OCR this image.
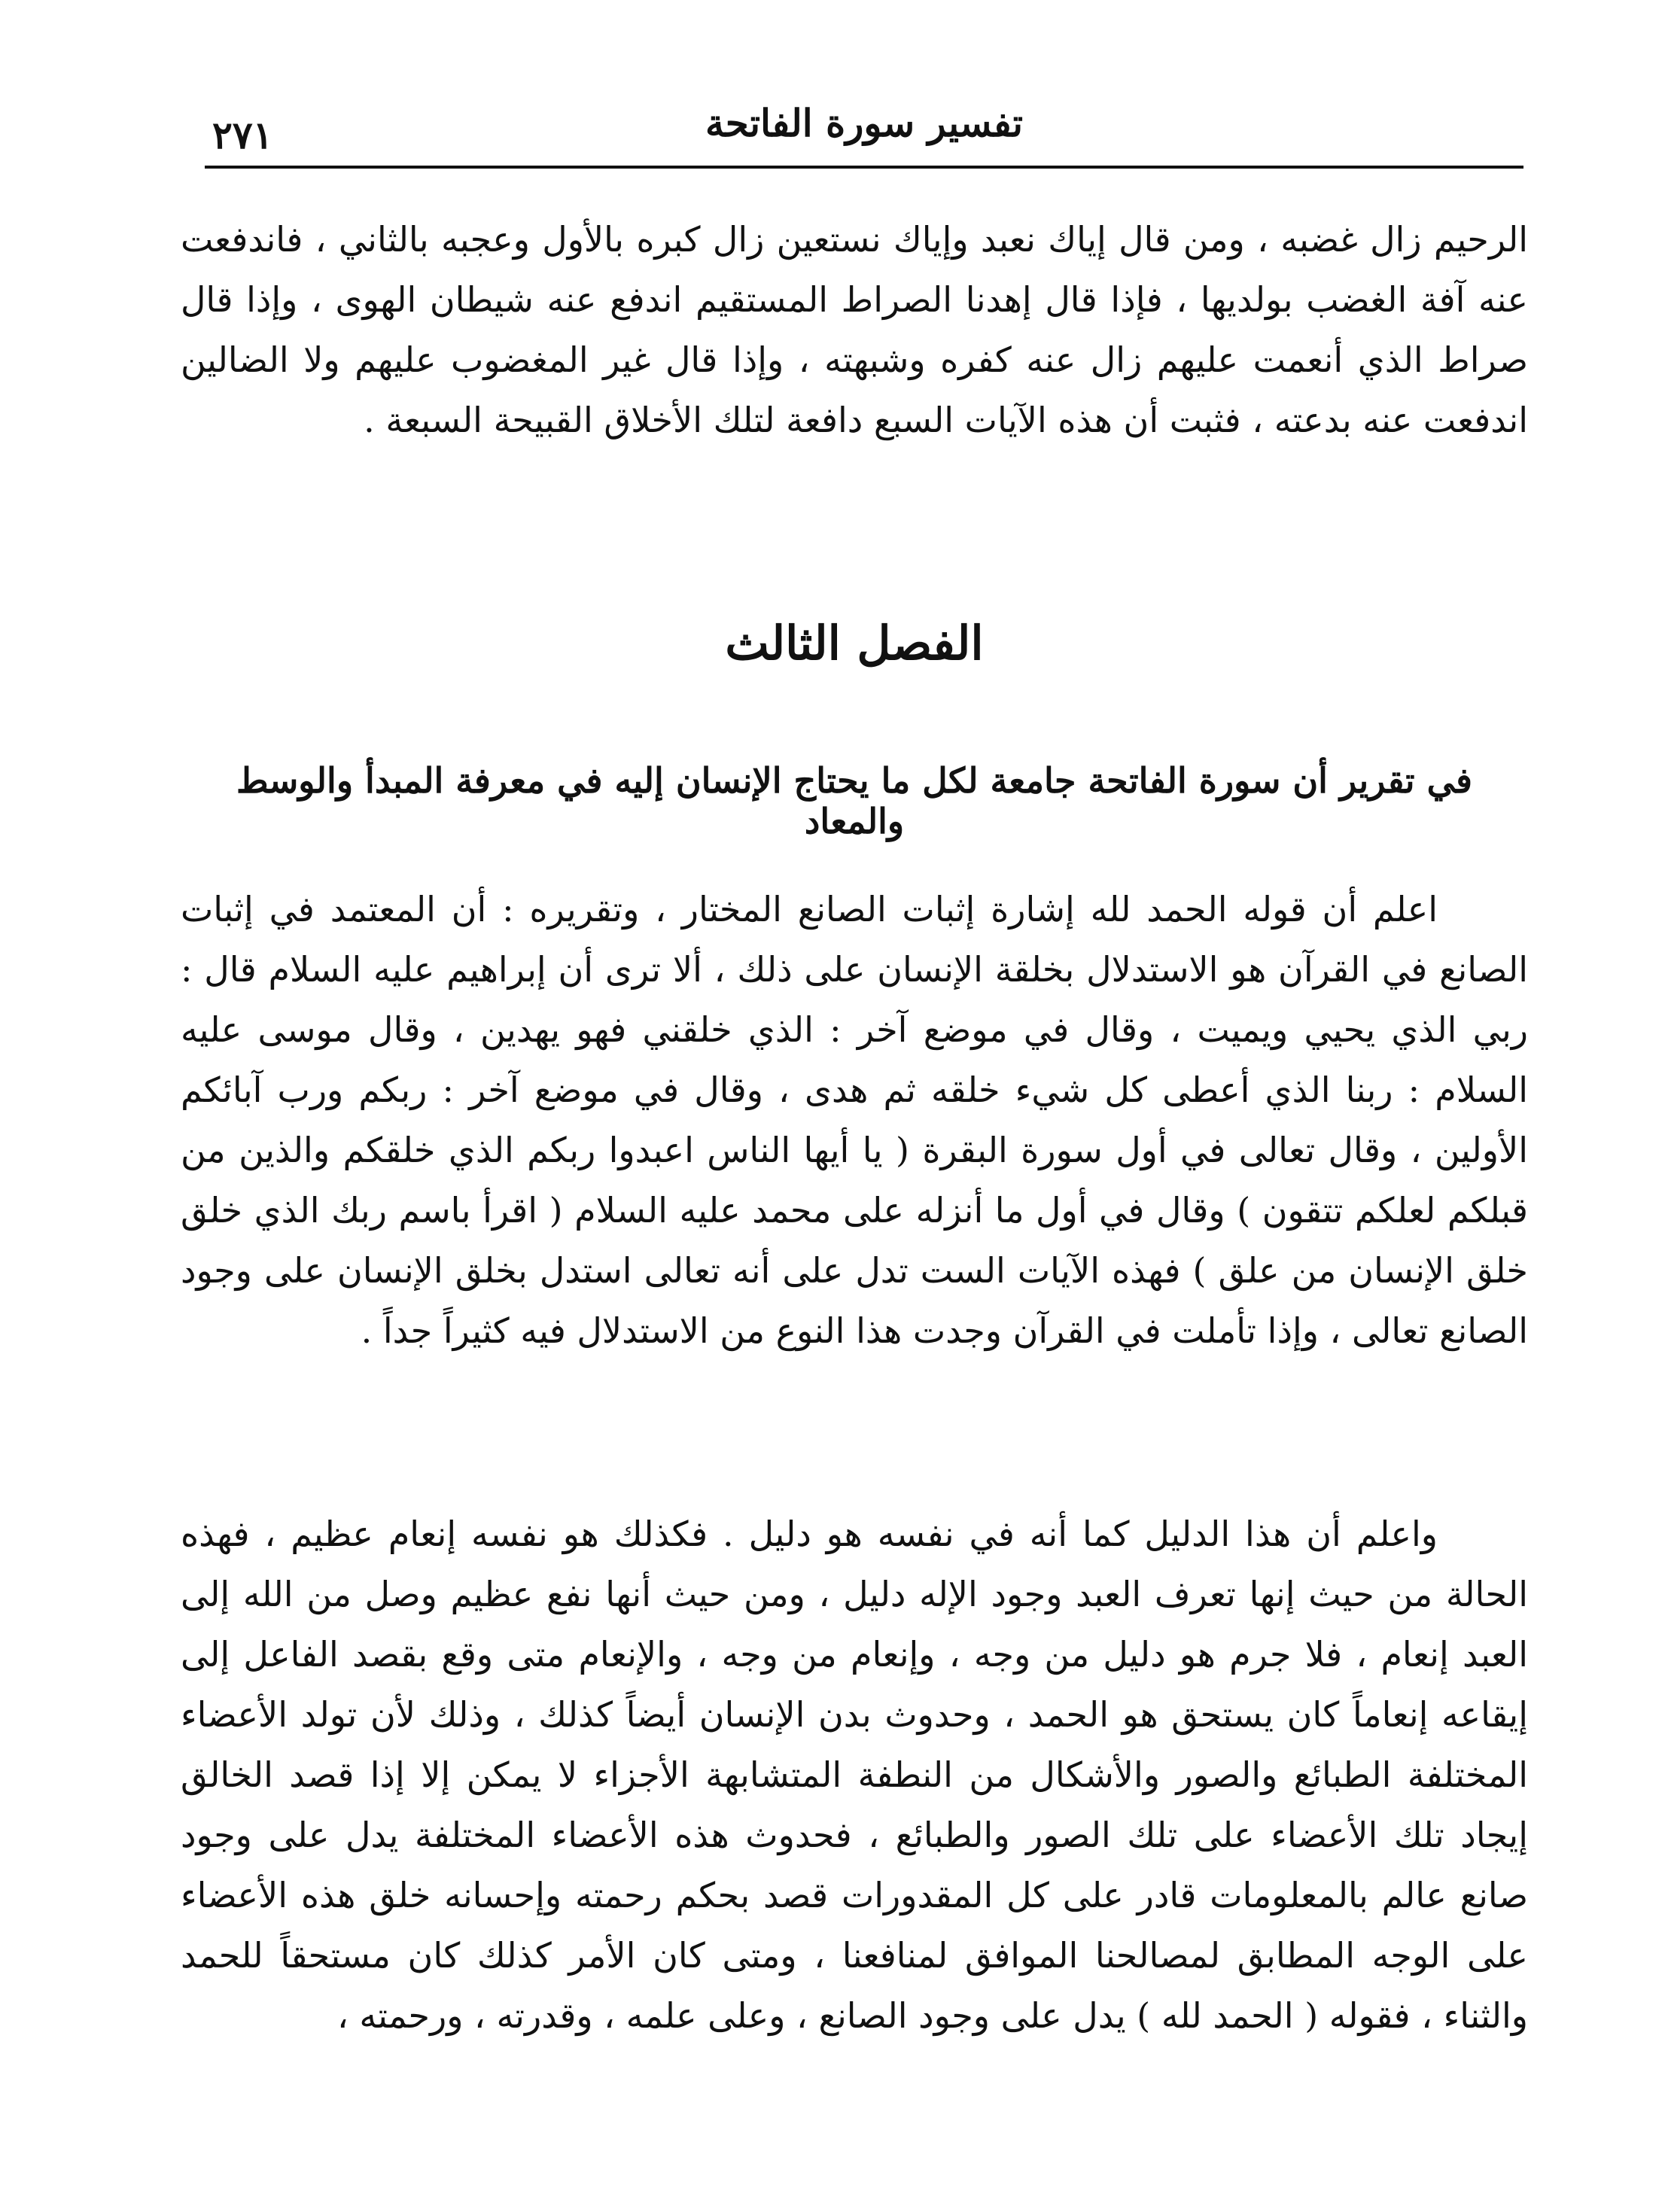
تفسير سورة الفاتحة
٢٧١

الرحيم زال غضبه ، ومن قال إياك نعبد وإياك نستعين زال كبره بالأول وعجبه بالثاني ، فاندفعت عنه آفة الغضب بولديها ، فإذا قال إهدنا الصراط المستقيم اندفع عنه شيطان الهوى ، وإذا قال صراط الذي أنعمت عليهم زال عنه كفره وشبهته ، وإذا قال غير المغضوب عليهم ولا الضالين اندفعت عنه بدعته ، فثبت أن هذه الآيات السبع دافعة لتلك الأخلاق القبيحة السبعة .

الفصل الثالث
في تقرير أن سورة الفاتحة جامعة لكل ما يحتاج الإنسان إليه في معرفة المبدأ والوسط والمعاد

اعلم أن قوله الحمد لله إشارة إثبات الصانع المختار ، وتقريره : أن المعتمد في إثبات الصانع في القرآن هو الاستدلال بخلقة الإنسان على ذلك ، ألا ترى أن إبراهيم عليه السلام قال : ربي الذي يحيي ويميت ، وقال في موضع آخر : الذي خلقني فهو يهدين ، وقال موسى عليه السلام : ربنا الذي أعطى كل شيء خلقه ثم هدى ، وقال في موضع آخر : ربكم ورب آبائكم الأولين ، وقال تعالى في أول سورة البقرة ( يا أيها الناس اعبدوا ربكم الذي خلقكم والذين من قبلكم لعلكم تتقون ) وقال في أول ما أنزله على محمد عليه السلام ( اقرأ باسم ربك الذي خلق خلق الإنسان من علق ) فهذه الآيات الست تدل على أنه تعالى استدل بخلق الإنسان على وجود الصانع تعالى ، وإذا تأملت في القرآن وجدت هذا النوع من الاستدلال فيه كثيراً جداً .

واعلم أن هذا الدليل كما أنه في نفسه هو دليل . فكذلك هو نفسه إنعام عظيم ، فهذه الحالة من حيث إنها تعرف العبد وجود الإله دليل ، ومن حيث أنها نفع عظيم وصل من الله إلى العبد إنعام ، فلا جرم هو دليل من وجه ، وإنعام من وجه ، والإنعام متى وقع بقصد الفاعل إلى إيقاعه إنعاماً كان يستحق هو الحمد ، وحدوث بدن الإنسان أيضاً كذلك ، وذلك لأن تولد الأعضاء المختلفة الطبائع والصور والأشكال من النطفة المتشابهة الأجزاء لا يمكن إلا إذا قصد الخالق إيجاد تلك الأعضاء على تلك الصور والطبائع ، فحدوث هذه الأعضاء المختلفة يدل على وجود صانع عالم بالمعلومات قادر على كل المقدورات قصد بحكم رحمته وإحسانه خلق هذه الأعضاء على الوجه المطابق لمصالحنا الموافق لمنافعنا ، ومتى كان الأمر كذلك كان مستحقاً للحمد والثناء ، فقوله ( الحمد لله ) يدل على وجود الصانع ، وعلى علمه ، وقدرته ، ورحمته ،
